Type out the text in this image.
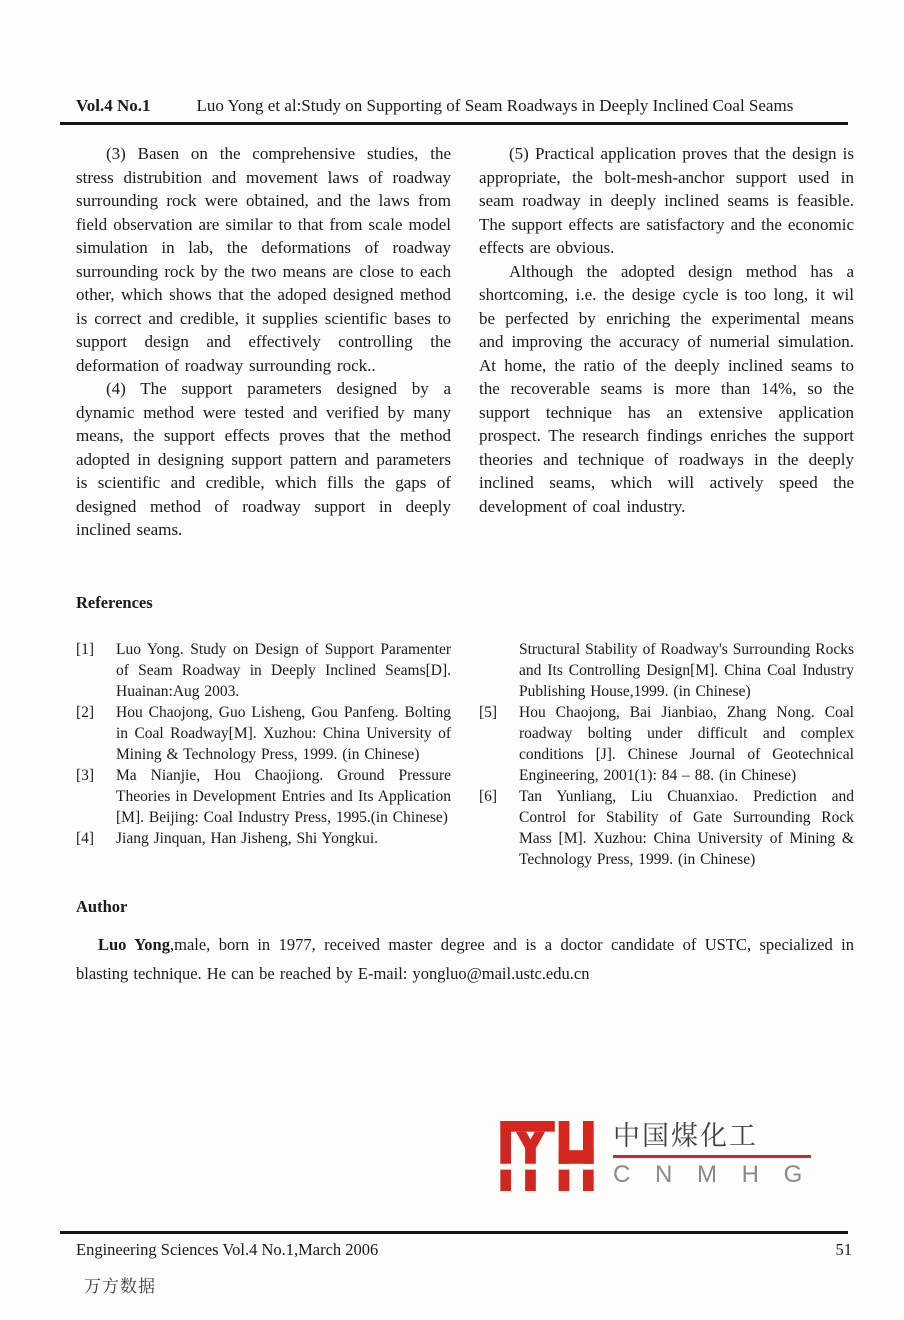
Vol.4 No.1	Luo Yong et al:Study on Supporting of Seam Roadways in Deeply Inclined Coal Seams

(3) Basen on the comprehensive studies, the stress distrubition and movement laws of roadway surrounding rock were obtained, and the laws from field observation are similar to that from scale model simulation in lab, the deformations of roadway surrounding rock by the two means are close to each other, which shows that the adoped designed method is correct and credible, it supplies scientific bases to support design and effectively controlling the deformation of roadway surrounding rock..

(4) The support parameters designed by a dynamic method were tested and verified by many means, the support effects proves that the method adopted in designing support pattern and parameters is scientific and credible, which fills the gaps of designed method of roadway support in deeply inclined seams.

(5) Practical application proves that the design is appropriate, the bolt-mesh-anchor support used in seam roadway in deeply inclined seams is feasible. The support effects are satisfactory and the economic effects are obvious.

Although the adopted design method has a shortcoming, i.e. the desige cycle is too long, it wil be perfected by enriching the experimental means and improving the accuracy of numerial simulation. At home, the ratio of the deeply inclined seams to the recoverable seams is more than 14%, so the support technique has an extensive application prospect. The research findings enriches the support theories and technique of roadways in the deeply inclined seams, which will actively speed the development of coal industry.

References
[1]	Luo Yong. Study on Design of Support Paramenter of Seam Roadway in Deeply Inclined Seams[D]. Huainan:Aug 2003.
[2]	Hou Chaojong, Guo Lisheng, Gou Panfeng. Bolting in Coal Roadway[M]. Xuzhou: China University of Mining & Technology Press, 1999. (in Chinese)
[3]	Ma Nianjie, Hou Chaojiong. Ground Pressure Theories in Development Entries and Its Application [M]. Beijing: Coal Industry Press, 1995.(in Chinese)
[4]	Jiang Jinquan, Han Jisheng, Shi Yongkui.
Structural Stability of Roadway's Surrounding Rocks and Its Controlling Design[M]. China Coal Industry Publishing House,1999. (in Chinese)
[5]	Hou Chaojong, Bai Jianbiao, Zhang Nong. Coal roadway bolting under difficult and complex conditions [J]. Chinese Journal of Geotechnical Engineering, 2001(1): 84 – 88. (in Chinese)
[6]	Tan Yunliang, Liu Chuanxiao. Prediction and Control for Stability of Gate Surrounding Rock Mass [M]. Xuzhou: China University of Mining & Technology Press, 1999. (in Chinese)
Author

Luo Yong,male, born in 1977, received master degree and is a doctor candidate of USTC, specialized in blasting technique. He can be reached by E-mail: yongluo@mail.ustc.edu.cn

中国煤化工
C N M H G
Engineering Sciences Vol.4 No.1,March 2006	51
万方数据
